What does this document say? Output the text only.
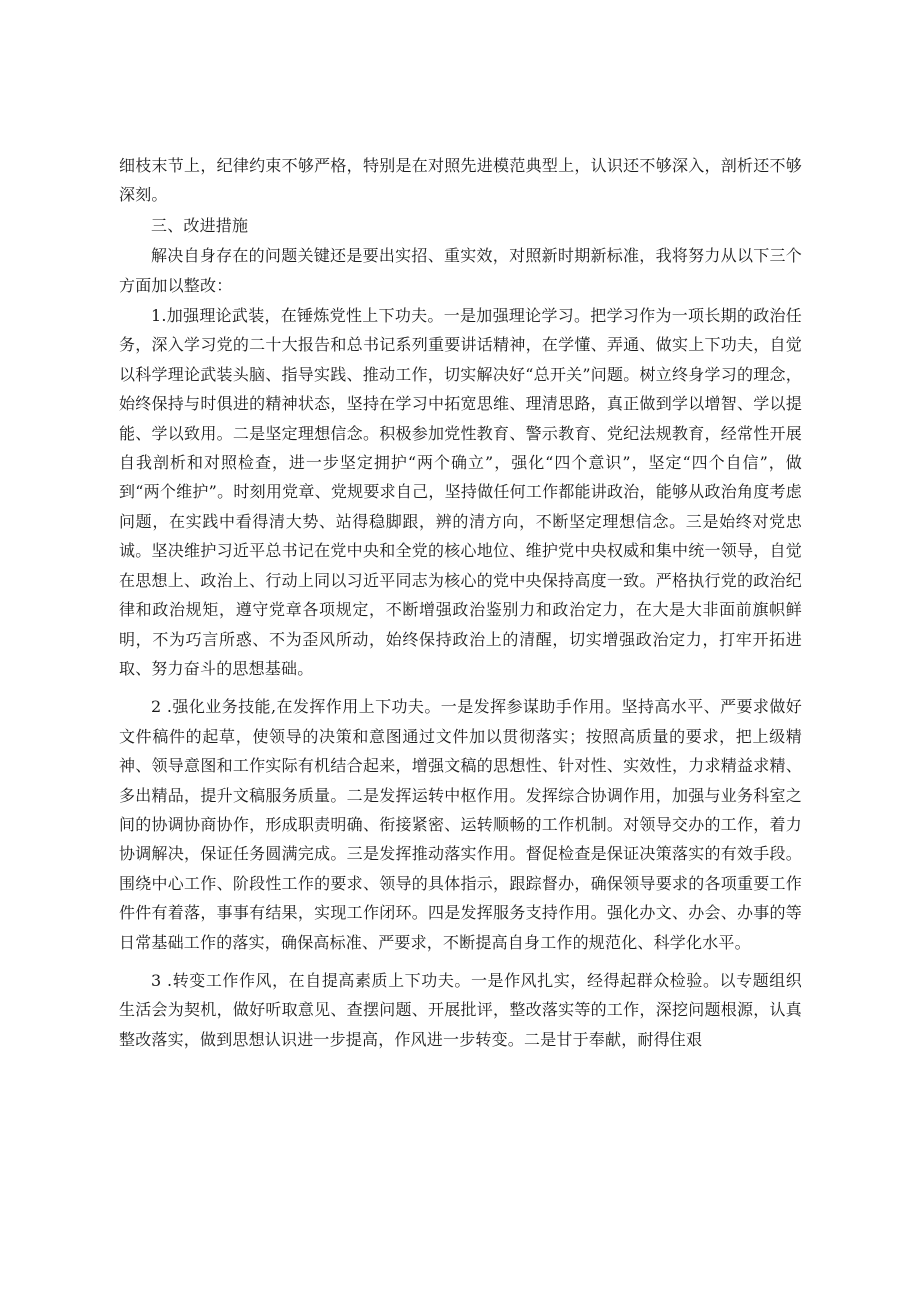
细枝末节上，纪律约束不够严格，特别是在对照先进模范典型上，认识还不够深入，剖析还不够深刻。

三、改进措施

解决自身存在的问题关键还是要出实招、重实效，对照新时期新标准，我将努力从以下三个方面加以整改：

1.加强理论武装，在锤炼党性上下功夫。一是加强理论学习。把学习作为一项长期的政治任务，深入学习党的二十大报告和总书记系列重要讲话精神，在学懂、弄通、做实上下功夫，自觉以科学理论武装头脑、指导实践、推动工作，切实解决好“总开关”问题。树立终身学习的理念，始终保持与时俱进的精神状态，坚持在学习中拓宽思维、理清思路，真正做到学以增智、学以提能、学以致用。二是坚定理想信念。积极参加党性教育、警示教育、党纪法规教育，经常性开展自我剖析和对照检查，进一步坚定拥护“两个确立”，强化“四个意识”，坚定“四个自信”，做到“两个维护”。时刻用党章、党规要求自己，坚持做任何工作都能讲政治，能够从政治角度考虑问题，在实践中看得清大势、站得稳脚跟，辨的清方向，不断坚定理想信念。三是始终对党忠诚。坚决维护习近平总书记在党中央和全党的核心地位、维护党中央权威和集中统一领导，自觉在思想上、政治上、行动上同以习近平同志为核心的党中央保持高度一致。严格执行党的政治纪律和政治规矩，遵守党章各项规定，不断增强政治鉴别力和政治定力，在大是大非面前旗帜鲜明，不为巧言所惑、不为歪风所动，始终保持政治上的清醒，切实增强政治定力，打牢开拓进取、努力奋斗的思想基础。

2 .强化业务技能,在发挥作用上下功夫。一是发挥参谋助手作用。坚持高水平、严要求做好文件稿件的起草，使领导的决策和意图通过文件加以贯彻落实；按照高质量的要求，把上级精神、领导意图和工作实际有机结合起来，增强文稿的思想性、针对性、实效性，力求精益求精、多出精品，提升文稿服务质量。二是发挥运转中枢作用。发挥综合协调作用，加强与业务科室之间的协调协商协作，形成职责明确、衔接紧密、运转顺畅的工作机制。对领导交办的工作，着力协调解决，保证任务圆满完成。三是发挥推动落实作用。督促检查是保证决策落实的有效手段。围绕中心工作、阶段性工作的要求、领导的具体指示，跟踪督办，确保领导要求的各项重要工作件件有着落，事事有结果，实现工作闭环。四是发挥服务支持作用。强化办文、办会、办事的等日常基础工作的落实，确保高标准、严要求，不断提高自身工作的规范化、科学化水平。

3 .转变工作作风，在自提高素质上下功夫。一是作风扎实，经得起群众检验。以专题组织生活会为契机，做好听取意见、查摆问题、开展批评，整改落实等的工作，深挖问题根源，认真整改落实，做到思想认识进一步提高，作风进一步转变。二是甘于奉献，耐得住艰
